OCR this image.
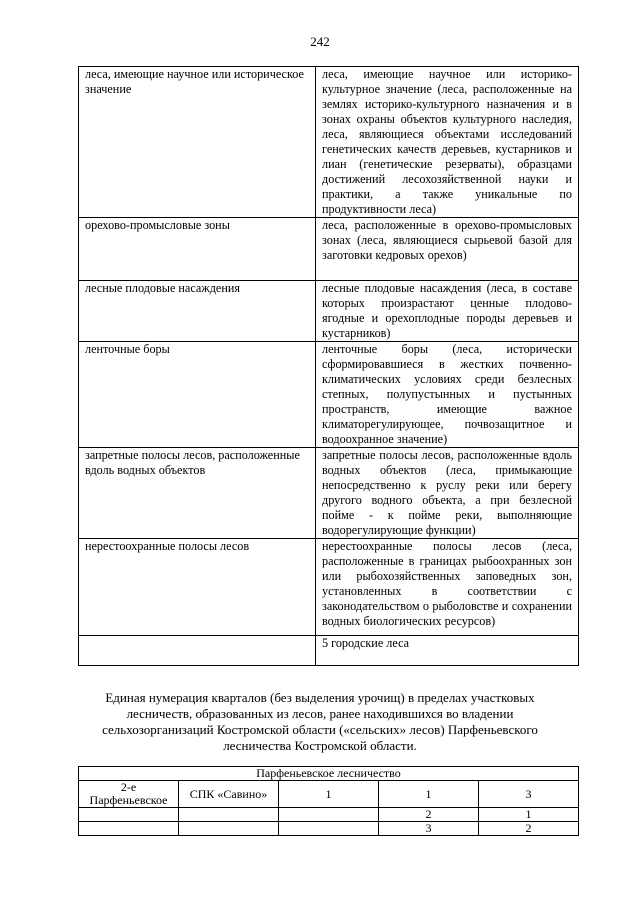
242
леса, имеющие научное или историческое значение	леса, имеющие научное или историко-культурное значение (леса, расположенные на землях историко-культурного назначения и в зонах охраны объектов культурного наследия, леса, являющиеся объектами исследований генетических качеств деревьев, кустарников и лиан (генетические резерваты), образцами достижений лесохозяйственной науки и практики, а также уникальные по продуктивности леса)
орехово-промысловые зоны	леса, расположенные в орехово-промысловых зонах (леса, являющиеся сырьевой базой для заготовки кедровых орехов)
лесные плодовые насаждения	лесные плодовые насаждения (леса, в составе которых произрастают ценные плодово-ягодные и орехоплодные породы деревьев и кустарников)
ленточные боры	ленточные боры (леса, исторически сформировавшиеся в жестких почвенно-климатических условиях среди безлесных степных, полупустынных и пустынных пространств, имеющие важное климаторегулирующее, почвозащитное и водоохранное значение)
запретные полосы лесов, расположенные вдоль водных объектов	запретные полосы лесов, расположенные вдоль водных объектов (леса, примыкающие непосредственно к руслу реки или берегу другого водного объекта, а при безлесной пойме - к пойме реки, выполняющие водорегулирующие функции)
нерестоохранные полосы лесов	нерестоохранные полосы лесов (леса, расположенные в границах рыбоохранных зон или рыбохозяйственных заповедных зон, установленных в соответствии с законодательством о рыболовстве и сохранении водных биологических ресурсов)
	5 городские леса
Единая нумерация кварталов (без выделения урочищ) в пределах участковых лесничеств, образованных из лесов, ранее находившихся во владении сельхозорганизаций Костромской области («сельских» лесов) Парфеньевского лесничества Костромской области.
Парфеньевское лесничество				
2-е Парфеньевское	СПК «Савино»	1	1	3
			2	1
			3	2
